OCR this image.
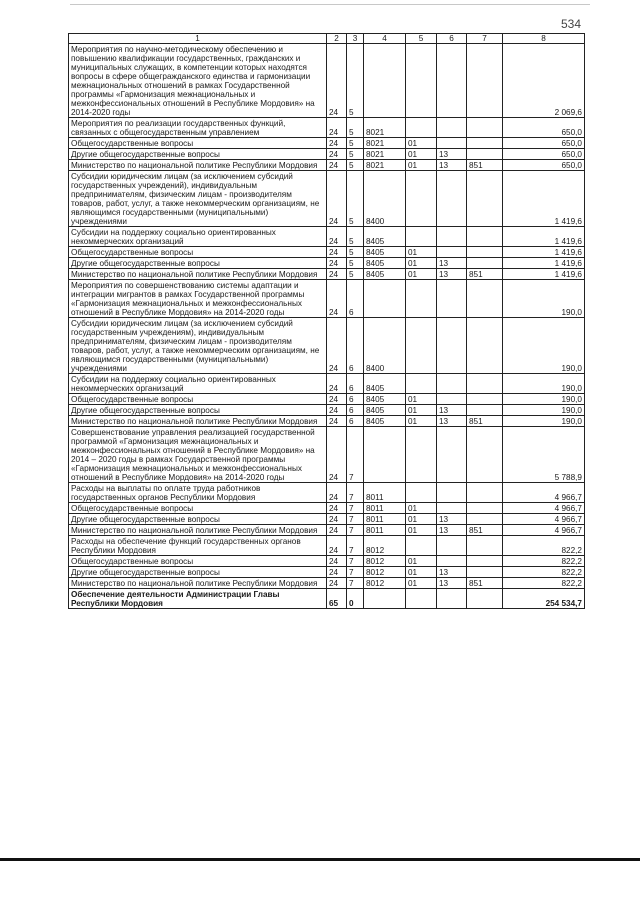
534
1	2	3	4	5	6	7	8
Мероприятия по научно-методическому обеспечению и повышению квалификации государственных, гражданских и муниципальных служащих, в компетенции которых находятся вопросы в сфере общегражданского единства и гармонизации межнациональных отношений в рамках Государственной программы «Гармонизация межнациональных и межконфессиональных отношений в Республике Мордовия» на 2014-2020 годы	24	5					2 069,6
Мероприятия по реализации государственных функций, связанных с общегосударственным управлением	24	5	8021				650,0
Общегосударственные вопросы	24	5	8021	01			650,0
Другие общегосударственные вопросы	24	5	8021	01	13		650,0
Министерство по национальной политике Республики Мордовия	24	5	8021	01	13	851	650,0
Субсидии юридическим лицам (за исключением субсидий государственных учреждений), индивидуальным предпринимателям, физическим лицам - производителям товаров, работ, услуг, а также некоммерческим организациям, не являющимся государственными (муниципальными) учреждениями	24	5	8400				1 419,6
Субсидии на поддержку социально ориентированных некоммерческих организаций	24	5	8405				1 419,6
Общегосударственные вопросы	24	5	8405	01			1 419,6
Другие общегосударственные вопросы	24	5	8405	01	13		1 419,6
Министерство по национальной политике Республики Мордовия	24	5	8405	01	13	851	1 419,6
Мероприятия по совершенствованию системы адаптации и интеграции мигрантов в рамках Государственной программы «Гармонизация межнациональных и межконфессиональных отношений в Республике Мордовия» на 2014-2020 годы	24	6					190,0
Субсидии юридическим лицам (за исключением субсидий государственным учреждениям), индивидуальным предпринимателям, физическим лицам - производителям товаров, работ, услуг, а также некоммерческим организациям, не являющимся государственными (муниципальными) учреждениями	24	6	8400				190,0
Субсидии на поддержку социально ориентированных некоммерческих организаций	24	6	8405				190,0
Общегосударственные вопросы	24	6	8405	01			190,0
Другие общегосударственные вопросы	24	6	8405	01	13		190,0
Министерство по национальной политике Республики Мордовия	24	6	8405	01	13	851	190,0
Совершенствование управления реализацией государственной программой «Гармонизация межнациональных и межконфессиональных отношений в Республике Мордовия» на 2014 – 2020 годы в рамках Государственной программы «Гармонизация межнациональных и межконфессиональных отношений в Республике Мордовия» на 2014-2020 годы	24	7					5 788,9
Расходы на выплаты по оплате труда работников государственных органов Республики Мордовия	24	7	8011				4 966,7
Общегосударственные вопросы	24	7	8011	01			4 966,7
Другие общегосударственные вопросы	24	7	8011	01	13		4 966,7
Министерство по национальной политике Республики Мордовия	24	7	8011	01	13	851	4 966,7
Расходы на обеспечение функций государственных органов Республики Мордовия	24	7	8012				822,2
Общегосударственные вопросы	24	7	8012	01			822,2
Другие общегосударственные вопросы	24	7	8012	01	13		822,2
Министерство по национальной политике Республики Мордовия	24	7	8012	01	13	851	822,2
Обеспечение деятельности Администрации Главы Республики Мордовия	65	0					254 534,7
